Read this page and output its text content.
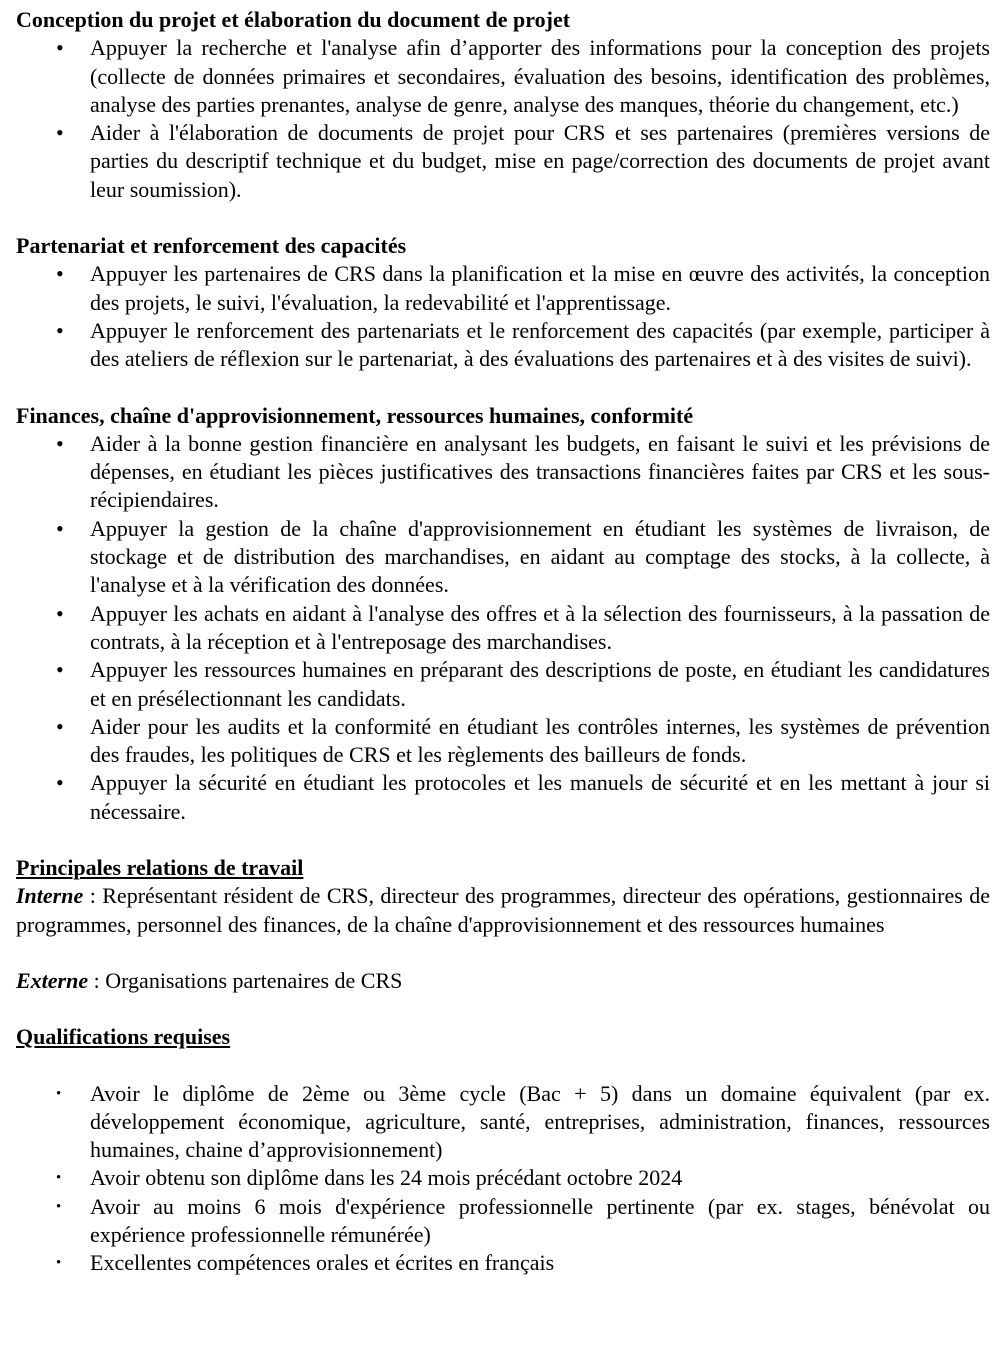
Conception du projet et élaboration du document de projet
• Appuyer la recherche et l'analyse afin d’apporter des informations pour la conception des projets (collecte de données primaires et secondaires, évaluation des besoins, identification des problèmes, analyse des parties prenantes, analyse de genre, analyse des manques, théorie du changement, etc.)
• Aider à l'élaboration de documents de projet pour CRS et ses partenaires (premières versions de parties du descriptif technique et du budget, mise en page/correction des documents de projet avant leur soumission).
Partenariat et renforcement des capacités
• Appuyer les partenaires de CRS dans la planification et la mise en œuvre des activités, la conception des projets, le suivi, l'évaluation, la redevabilité et l'apprentissage.
• Appuyer le renforcement des partenariats et le renforcement des capacités (par exemple, participer à des ateliers de réflexion sur le partenariat, à des évaluations des partenaires et à des visites de suivi).
Finances, chaîne d'approvisionnement, ressources humaines, conformité
• Aider à la bonne gestion financière en analysant les budgets, en faisant le suivi et les prévisions de dépenses, en étudiant les pièces justificatives des transactions financières faites par CRS et les sous-récipiendaires.
• Appuyer la gestion de la chaîne d'approvisionnement en étudiant les systèmes de livraison, de stockage et de distribution des marchandises, en aidant au comptage des stocks, à la collecte, à l'analyse et à la vérification des données.
• Appuyer les achats en aidant à l'analyse des offres et à la sélection des fournisseurs, à la passation de contrats, à la réception et à l'entreposage des marchandises.
• Appuyer les ressources humaines en préparant des descriptions de poste, en étudiant les candidatures et en présélectionnant les candidats.
• Aider pour les audits et la conformité en étudiant les contrôles internes, les systèmes de prévention des fraudes, les politiques de CRS et les règlements des bailleurs de fonds.
• Appuyer la sécurité en étudiant les protocoles et les manuels de sécurité et en les mettant à jour si nécessaire.
Principales relations de travail

Interne : Représentant résident de CRS, directeur des programmes, directeur des opérations, gestionnaires de programmes, personnel des finances, de la chaîne d'approvisionnement et des ressources humaines

Externe : Organisations partenaires de CRS

Qualifications requises
• Avoir le diplôme de 2ème ou 3ème cycle (Bac + 5) dans un domaine équivalent (par ex. développement économique, agriculture, santé, entreprises, administration, finances, ressources humaines, chaine d’approvisionnement)
• Avoir obtenu son diplôme dans les 24 mois précédant octobre 2024
• Avoir au moins 6 mois d'expérience professionnelle pertinente (par ex. stages, bénévolat ou expérience professionnelle rémunérée)
• Excellentes compétences orales et écrites en français
